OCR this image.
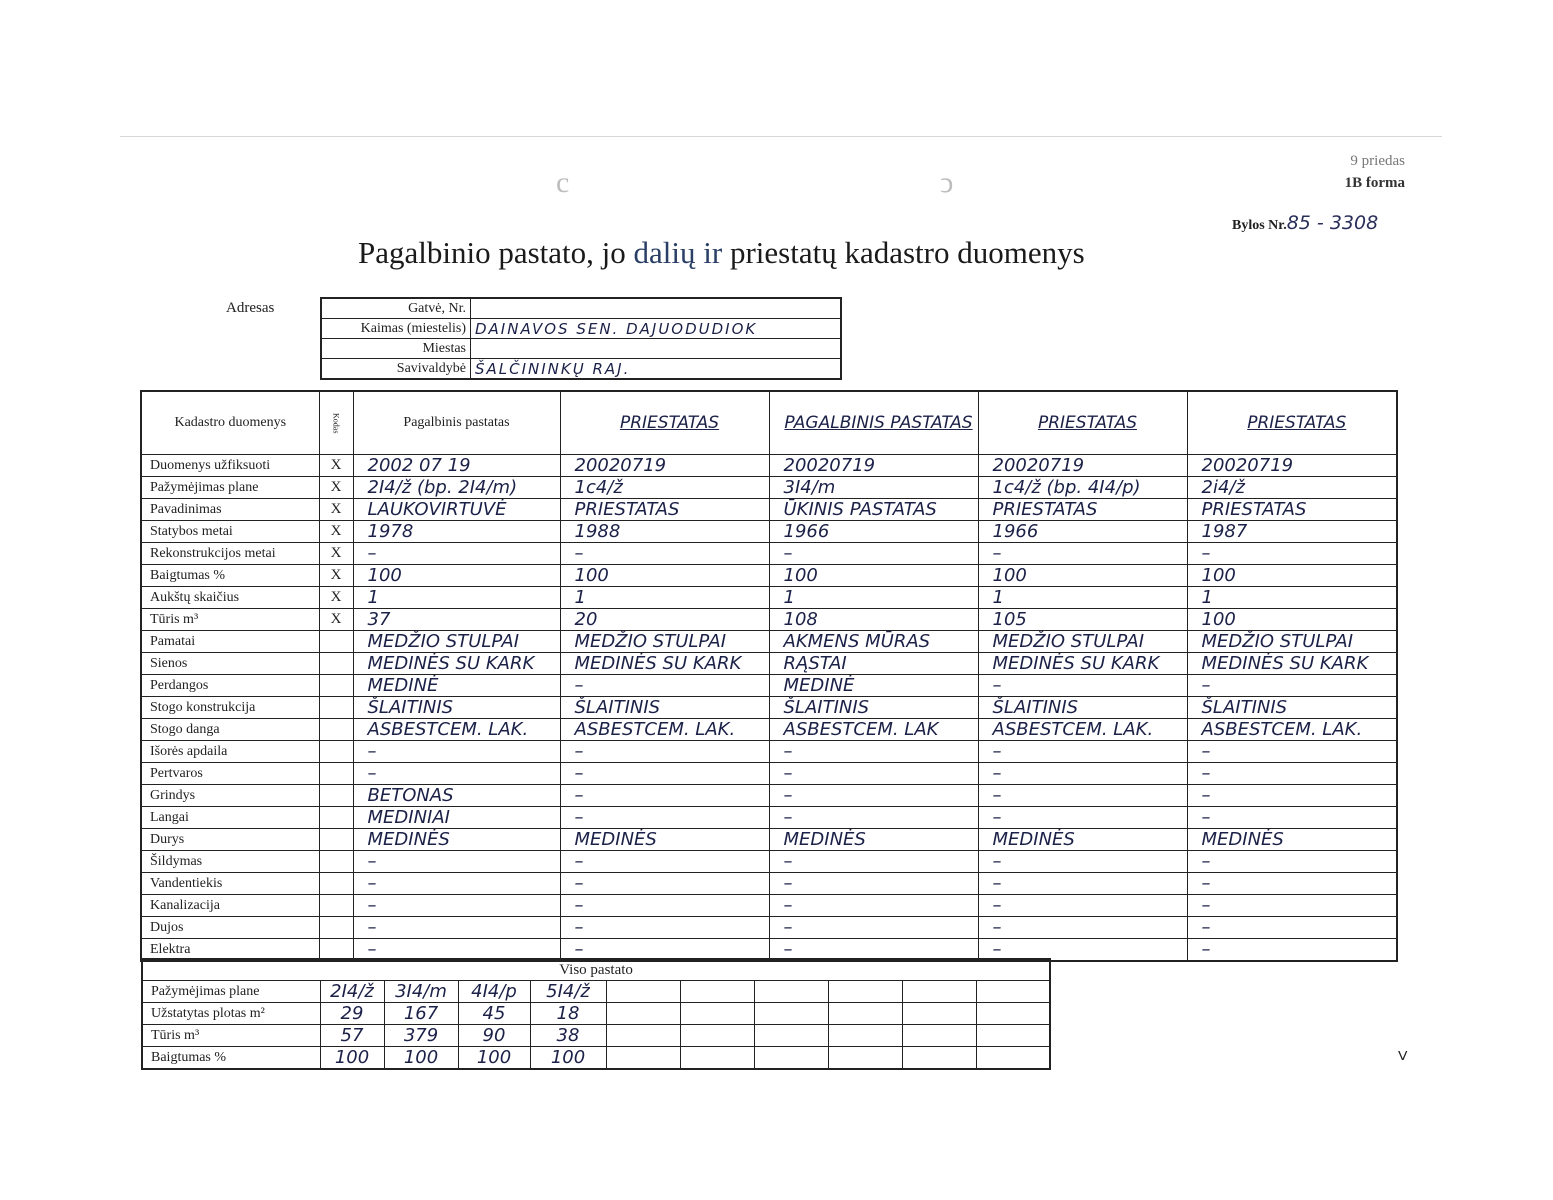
c	ͻ
9 priedas
1B forma
Bylos Nr.85 - 3308
Pagalbinio pastato, jo dalių ir priestatų kadastro duomenys
Adresas	Gatvė, Nr.	
Kaimas (miestelis)	DAINAVOS SEN. DAJUODUDIOK
Miestas	
Savivaldybė	ŠALČININKŲ RAJ.
Kadastro duomenys	Kodas	Pagalbinis pastatas	PRIESTATAS	PAGALBINIS PASTATAS	PRIESTATAS	PRIESTATAS
Duomenys užfiksuoti	X	2002 07 19	20020719	20020719	20020719	20020719
Pažymėjimas plane	X	2I4/ž (bp. 2I4/m)	1c4/ž	3I4/m	1c4/ž (bp. 4I4/p)	2i4/ž
Pavadinimas	X	LAUKOVIRTUVĖ	PRIESTATAS	ŪKINIS PASTATAS	PRIESTATAS	PRIESTATAS
Statybos metai	X	1978	1988	1966	1966	1987
Rekonstrukcijos metai	X	–	–	–	–	–
Baigtumas %	X	100	100	100	100	100
Aukštų skaičius	X	1	1	1	1	1
Tūris m³	X	37	20	108	105	100
Pamatai		MEDŽIO STULPAI	MEDŽIO STULPAI	AKMENS MŪRAS	MEDŽIO STULPAI	MEDŽIO STULPAI
Sienos		MEDINĖS SU KARK	MEDINĖS SU KARK	RĄSTAI	MEDINĖS SU KARK	MEDINĖS SU KARK
Perdangos		MEDINĖ	–	MEDINĖ	–	–
Stogo konstrukcija		ŠLAITINIS	ŠLAITINIS	ŠLAITINIS	ŠLAITINIS	ŠLAITINIS
Stogo danga		ASBESTCEM. LAK.	ASBESTCEM. LAK.	ASBESTCEM. LAK	ASBESTCEM. LAK.	ASBESTCEM. LAK.
Išorės apdaila		–	–	–	–	–
Pertvaros		–	–	–	–	–
Grindys		BETONAS	–	–	–	–
Langai		MEDINIAI	–	–	–	–
Durys		MEDINĖS	MEDINĖS	MEDINĖS	MEDINĖS	MEDINĖS
Šildymas		–	–	–	–	–
Vandentiekis		–	–	–	–	–
Kanalizacija		–	–	–	–	–
Dujos		–	–	–	–	–
Elektra		–	–	–	–	–
Viso pastato										
Pažymėjimas plane	2I4/ž	3I4/m	4I4/p	5I4/ž						
Užstatytas plotas m²	29	167	45	18						
Tūris m³	57	379	90	38						
Baigtumas %	100	100	100	100							ⱽ
